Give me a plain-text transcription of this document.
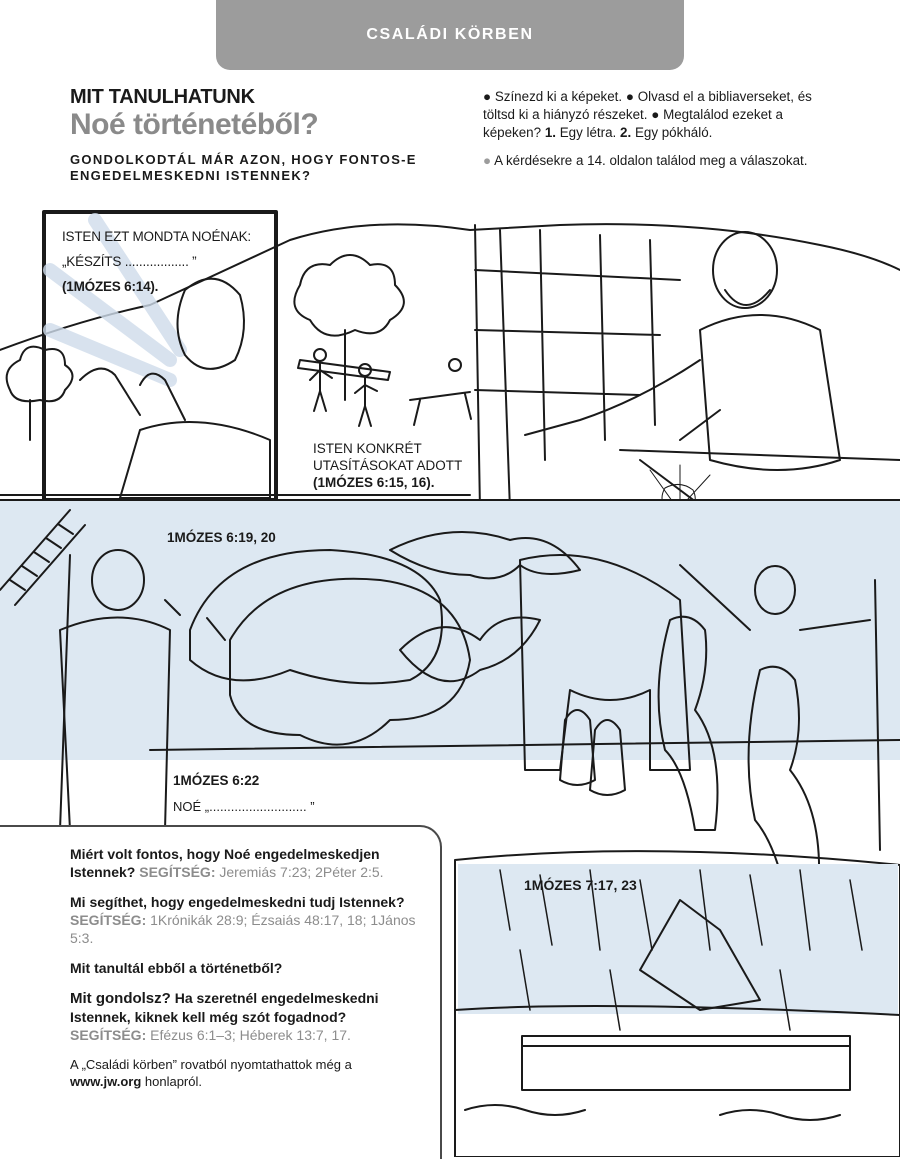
CSALÁDI KÖRBEN
MIT TANULHATUNK
Noé történetéből?
GONDOLKODTÁL MÁR AZON, HOGY FONTOS-E ENGEDELMESKEDNI ISTENNEK?

● Színezd ki a képeket. ● Olvasd el a bibliaverseket, és töltsd ki a hiányzó részeket. ● Megtalálod ezeket a képeken? 1. Egy létra. 2. Egy pókháló.

● A kérdésekre a 14. oldalon találod meg a válaszokat.

ISTEN EZT MONDTA NOÉNAK:
„KÉSZÍTS .................. ”
(1MÓZES 6:14).
ISTEN KONKRÉT
UTASÍTÁSOKAT ADOTT
(1MÓZES 6:15, 16).
1MÓZES 6:19, 20
1MÓZES 6:22
NOÉ „........................... ”
1MÓZES 7:17, 23

Miért volt fontos, hogy Noé engedelmeskedjen Istennek? SEGÍTSÉG: Jeremiás 7:23; 2Péter 2:5.

Mi segíthet, hogy engedelmeskedni tudj Istennek? SEGÍTSÉG: 1Krónikák 28:9; Ézsaiás 48:17, 18; 1János 5:3.

Mit tanultál ebből a történetből?

Mit gondolsz? Ha szeretnél engedelmeskedni Istennek, kiknek kell még szót fogadnod? SEGÍTSÉG: Efézus 6:1–3; Héberek 13:7, 17.

A „Családi körben” rovatból nyomtathattok még a www.jw.org honlapról.
